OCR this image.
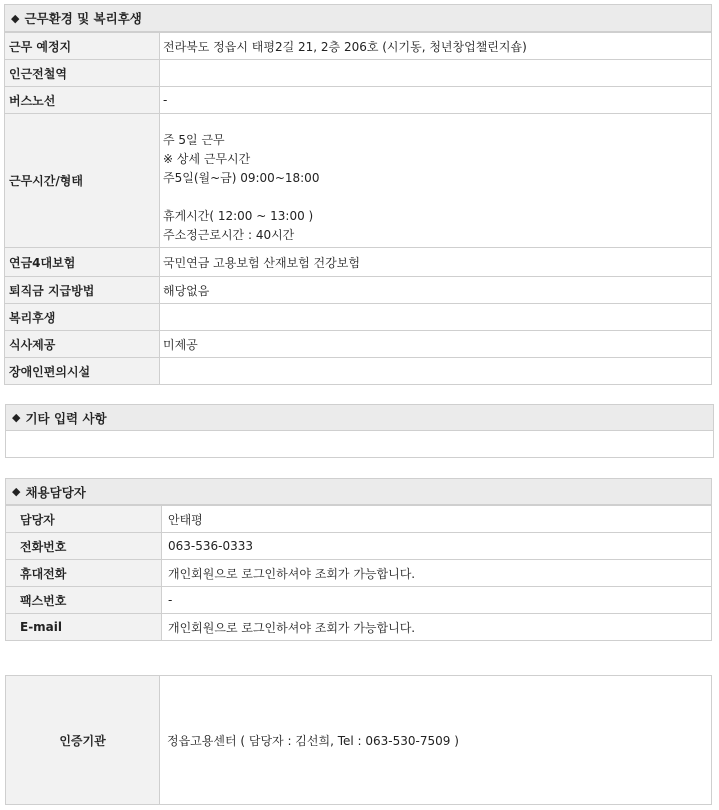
◆ 근무환경 및 복리후생
근무 예정지	전라북도 정읍시 태평2길 21, 2층 206호 (시기동, 청년창업챌린지숍)
인근전철역	
버스노선	-
근무시간/형태	주 5일 근무
※ 상세 근무시간
주5일(월~금) 09:00~18:00

휴게시간( 12:00 ~ 13:00 )
주소정근로시간 : 40시간

연금4대보험	국민연금 고용보험 산재보험 건강보험
퇴직금 지급방법	해당없음
복리후생	
식사제공	미제공
장애인편의시설	
◆ 기타 입력 사항
◆ 채용담당자
담당자	안태평
전화번호	063-536-0333
휴대전화	개인회원으로 로그인하셔야 조회가 가능합니다.
팩스번호	-
E-mail	개인회원으로 로그인하셔야 조회가 가능합니다.
인증기관	정읍고용센터 ( 담당자 : 김선희, Tel : 063-530-7509 )
